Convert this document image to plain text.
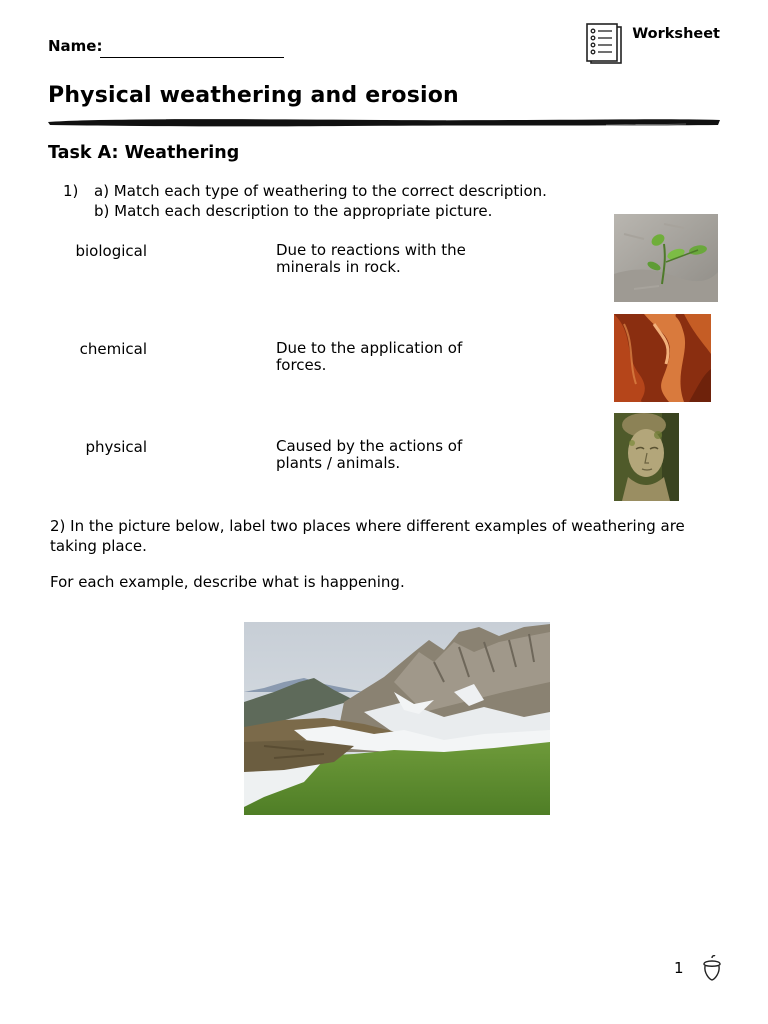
Name:
Worksheet
Physical weathering and erosion
Task A: Weathering
1) a) Match each type of weathering to the correct description.
b) Match each description to the appropriate picture.
biological	Due to reactions with the minerals in rock.
chemical	Due to the application of forces.
physical	Caused by the actions of plants / animals.
2) In the picture below, label two places where different examples of weathering are taking place.
For each example, describe what is happening.
1
